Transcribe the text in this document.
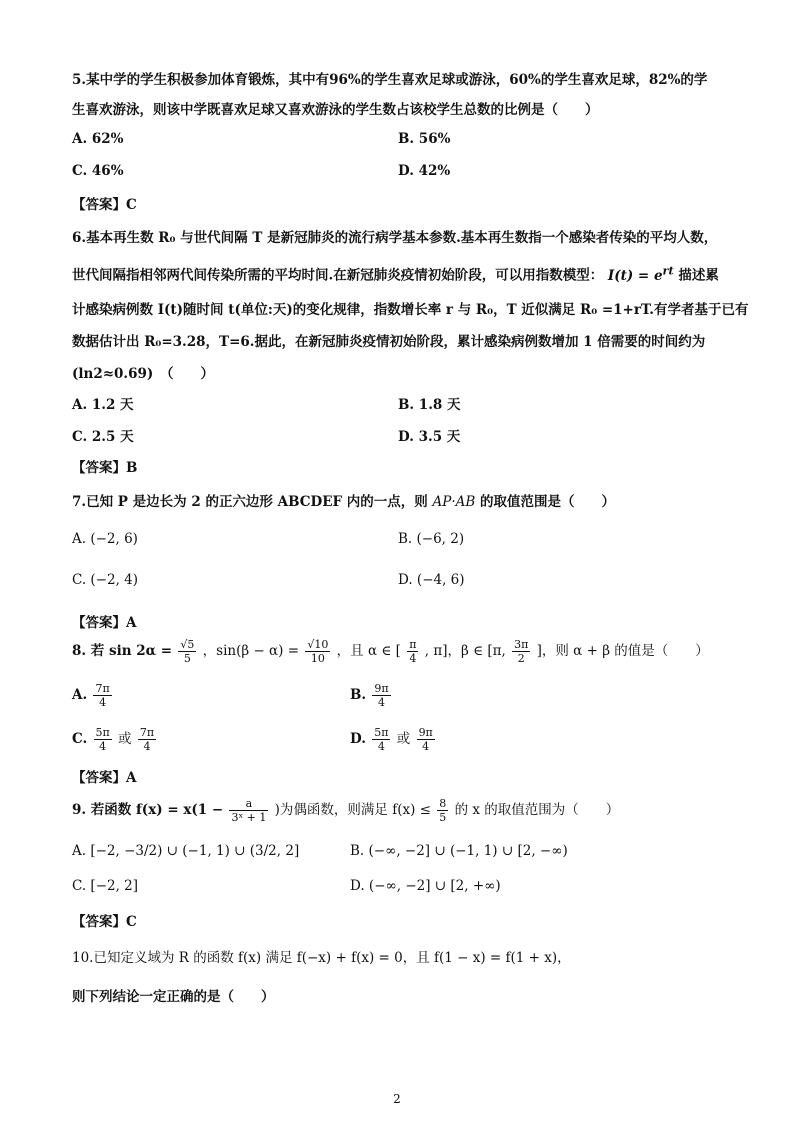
5.某中学的学生积极参加体育锻炼，其中有96%的学生喜欢足球或游泳，60%的学生喜欢足球，82%的学
生喜欢游泳，则该中学既喜欢足球又喜欢游泳的学生数占该校学生总数的比例是（　　）
A. 62%	B. 56%
C. 46%	D. 42%
【答案】C
6.基本再生数 R₀ 与世代间隔 T 是新冠肺炎的流行病学基本参数.基本再生数指一个感染者传染的平均人数，
世代间隔指相邻两代间传染所需的平均时间.在新冠肺炎疫情初始阶段，可以用指数模型： $I(t) = e^{rt}$ 描述累
计感染病例数 I(t)随时间 t(单位:天)的变化规律，指数增长率 r 与 R₀，T 近似满足 R₀ =1+rT.有学者基于已有
数据估计出 R₀=3.28，T=6.据此，在新冠肺炎疫情初始阶段，累计感染病例数增加 1 倍需要的时间约为
(ln2≈0.69)　（　　）
A. 1.2 天	B. 1.8 天
C. 2.5 天	D. 3.5 天
【答案】B
7.已知 P 是边长为 2 的正六边形 ABCDEF 内的一点，则 AP·AB 的取值范围是（　　）
A. (−2, 6)	B. (−6, 2)
C. (−2, 4)	D. (−4, 6)
【答案】A
8. 若 $\sin 2\alpha = \frac{√5}{5}$ ，$\sin(\beta - \alpha) = \frac{√10}{10}$ ，且 α ∈ [ $\frac{\pi}{4}$ , π]，β ∈ [π, $\frac{3\pi}{2}$ ]，则 α + β 的值是（　　）
A. $\frac{7\pi}{4}$	B. $\frac{9\pi}{4}$
C. $\frac{5\pi}{4}$ 或 $\frac{7\pi}{4}$	D. $\frac{5\pi}{4}$ 或 $\frac{9\pi}{4}$
【答案】A
9. 若函数 $f(x) = x(1 - \frac{a}{\text{3ˣ + 1}}$ )为偶函数，则满足 $f(x) \le \frac{8}{5}$ 的 x 的取值范围为（　　）
A. [−2, −3/2) ∪ (−1, 1) ∪ (3/2, 2]	B. (−∞, −2] ∪ (−1, 1) ∪ [2, −∞)
C. [−2, 2]	D. (−∞, −2] ∪ [2, +∞)
【答案】C
10.已知定义域为 R 的函数 f(x) 满足 f(−x) + f(x) = 0，且 f(1 − x) = f(1 + x)，
则下列结论一定正确的是（　　）
2
